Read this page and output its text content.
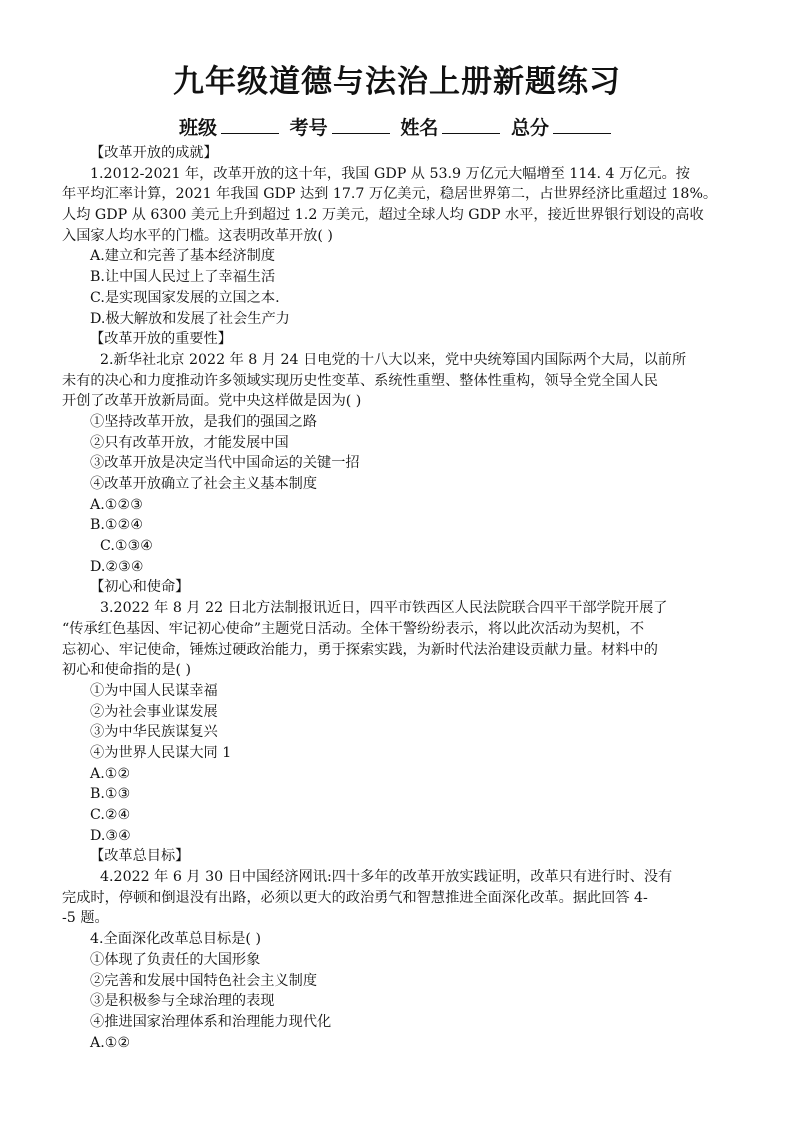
九年级道德与法治上册新题练习
班级	考号	姓名	总分
【改革开放的成就】
1.2012-2021 年，改革开放的这十年，我国 GDP 从 53.9 万亿元大幅增至 114. 4 万亿元。按
年平均汇率计算，2021 年我国 GDP 达到 17.7 万亿美元，稳居世界第二，占世界经济比重超过 18%。
人均 GDP 从 6300 美元上升到超过 1.2 万美元，超过全球人均 GDP 水平，接近世界银行划设的高收
入国家人均水平的门槛。这表明改革开放( )
A.建立和完善了基本经济制度
B.让中国人民过上了幸福生活
C.是实现国家发展的立国之本.
D.极大解放和发展了社会生产力
【改革开放的重要性】
2.新华社北京 2022 年 8 月 24 日电党的十八大以来，党中央统筹国内国际两个大局，以前所
未有的决心和力度推动许多领域实现历史性变革、系统性重塑、整体性重构，领导全党全国人民
开创了改革开放新局面。党中央这样做是因为( )
①坚持改革开放，是我们的强国之路
②只有改革开放，才能发展中国
③改革开放是决定当代中国命运的关键一招
④改革开放确立了社会主义基本制度
A.①②③
B.①②④
C.①③④
D.②③④
【初心和使命】
3.2022 年 8 月 22 日北方法制报讯近日，四平市铁西区人民法院联合四平干部学院开展了
“传承红色基因、牢记初心使命”主题党日活动。全体干警纷纷表示，将以此次活动为契机，不
忘初心、牢记使命，锤炼过硬政治能力，勇于探索实践，为新时代法治建设贡献力量。材料中的
初心和使命指的是( )
①为中国人民谋幸福
②为社会事业谋发展
③为中华民族谋复兴
④为世界人民谋大同 1
A.①②
B.①③
C.②④
D.③④
【改革总目标】
4.2022 年 6 月 30 日中国经济网讯:四十多年的改革开放实践证明，改革只有进行时、没有
完成时，停顿和倒退没有出路，必须以更大的政治勇气和智慧推进全面深化改革。据此回答 4-
-5 题。
4.全面深化改革总目标是( )
①体现了负责任的大国形象
②完善和发展中国特色社会主义制度
③是积极参与全球治理的表现
④推进国家治理体系和治理能力现代化
A.①②
